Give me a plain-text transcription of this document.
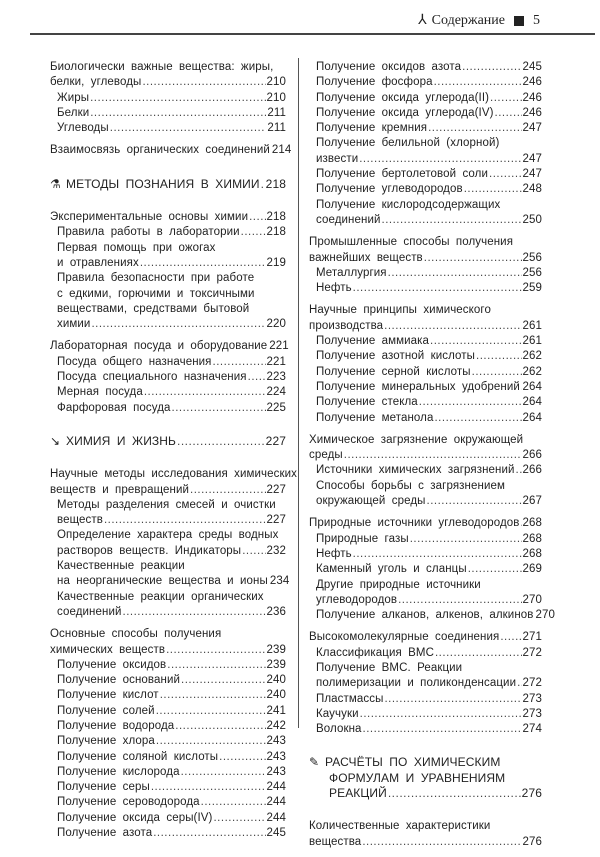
⅄ Содержание 5
Биологически важные вещества: жиры,
белки, углеводы .....	210
Жиры .....	210
Белки .....	211
Углеводы .....	211
Взаимосвязь органических соединений 214
⚗ МЕТОДЫ ПОЗНАНИЯ В ХИМИИ ..... 218
Экспериментальные основы химии ..... 218
Правила работы в лаборатории ..... 218
Первая помощь при ожогах
и отравлениях .....	219
Правила безопасности при работе
с едкими, горючими и токсичными
веществами, средствами бытовой
химии .....	220
Лабораторная посуда и оборудование 221
Посуда общего назначения .....	221
Посуда специального назначения ..... 223
Мерная посуда .....	224
Фарфоровая посуда .....	225
↘ ХИМИЯ И ЖИЗНЬ .....	227
Научные методы исследования химических
веществ и превращений .....	227
Методы разделения смесей и очистки
веществ .....	227
Определение характера среды водных
растворов веществ. Индикаторы ..... 232
Качественные реакции
на неорганические вещества и ионы 234
Качественные реакции органических
соединений .....	236
Основные способы получения
химических веществ .....	239
Получение оксидов .....	239
Получение оснований .....	240
Получение кислот .....	240
Получение солей .....	241
Получение водорода .....	242
Получение хлора .....	243
Получение соляной кислоты .....	243
Получение кислорода .....	243
Получение серы .....	244
Получение сероводорода .....	244
Получение оксида серы(IV) .....	244
Получение азота .....	245
Получение оксидов азота .....	245
Получение фосфора .....	246
Получение оксида углерода(II) .....	246
Получение оксида углерода(IV) .....	246
Получение кремния .....	247
Получение белильной (хлорной)
извести .....	247
Получение бертолетовой соли .....	247
Получение углеводородов .....	248
Получение кислородсодержащих
соединений .....	250
Промышленные способы получения
важнейших веществ .....	256
Металлургия .....	256
Нефть .....	259
Научные принципы химического
производства .....	261
Получение аммиака .....	261
Получение азотной кислоты .....	262
Получение серной кислоты .....	262
Получение минеральных удобрений ..... 264
Получение стекла .....	264
Получение метанола .....	264
Химическое загрязнение окружающей
среды .....	266
Источники химических загрязнений ..... 266
Способы борьбы с загрязнением
окружающей среды .....	267
Природные источники углеводородов ..... 268
Природные газы .....	268
Нефть .....	268
Каменный уголь и сланцы .....	269
Другие природные источники
углеводородов .....	270
Получение алканов, алкенов, алкинов 270
Высокомолекулярные соединения ..... 271
Классификация ВМС .....	272
Получение ВМС. Реакции
полимеризации и поликонденсации ..... 272
Пластмассы .....	273
Каучуки .....	273
Волокна .....	274
✎ РАСЧЁТЫ ПО ХИМИЧЕСКИМ
ФОРМУЛАМ И УРАВНЕНИЯМ
РЕАКЦИЙ .....	276
Количественные характеристики
вещества .....	276
